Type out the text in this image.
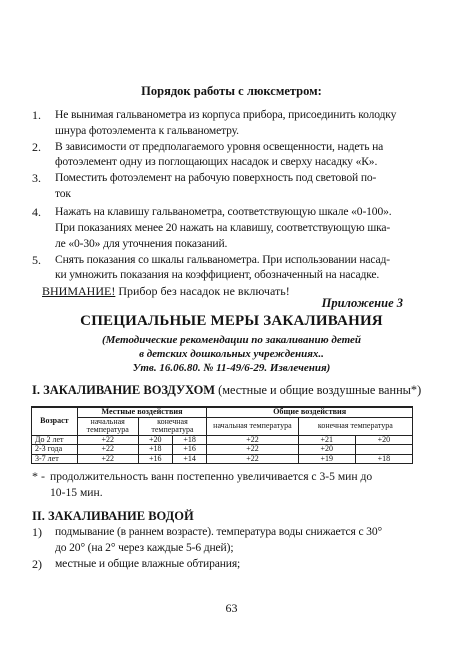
Порядок работы с люксметром:
1. Не вынимая гальванометра из корпуса прибора, присоединить колодку
шнура фотоэлемента к гальванометру.
2. В зависимости от предполагаемого уровня освещенности, надеть на
фотоэлемент одну из поглощающих насадок и сверху насадку «К».
3. Поместить фотоэлемент на рабочую поверхность под световой по-
ток
4. Нажать на клавишу гальванометра, соответствующую шкале «0-100».
При показаниях менее 20 нажать на клавишу, соответствующую шка-
ле «0-30» для уточнения показаний.
5. Снять показания со шкалы гальванометра. При использовании насад-
ки умножить показания на коэффициент, обозначенный на насадке.
ВНИМАНИЕ! Прибор без насадок не включать!
Приложение 3
СПЕЦИАЛЬНЫЕ МЕРЫ ЗАКАЛИВАНИЯ
(Методические рекомендации по закаливанию детей
в детских дошкольных учреждениях..
Утв. 16.06.80. № 11-49/6-29. Извлечения)
I. ЗАКАЛИВАНИЕ ВОЗДУХОМ (местные и общие воздушные ванны*)
Возраст	Местные воздействия			Общие воздействия		
	начальная температура	конечная температура		начальная температура	конечная температура	
До 2 лет	+22	+20	+18	+22	+21	+20
2-3 года	+22	+18	+16	+22	+20	
3-7 лет	+22	+16	+14	+22	+19	+18
* - продолжительность ванн постепенно увеличивается с 3-5 мин до
10-15 мин.
II. ЗАКАЛИВАНИЕ ВОДОЙ
1) подмывание (в раннем возрасте). температура воды снижается с 30°
до 20° (на 2° через каждые 5-6 дней);
2) местные и общие влажные обтирания;
63
